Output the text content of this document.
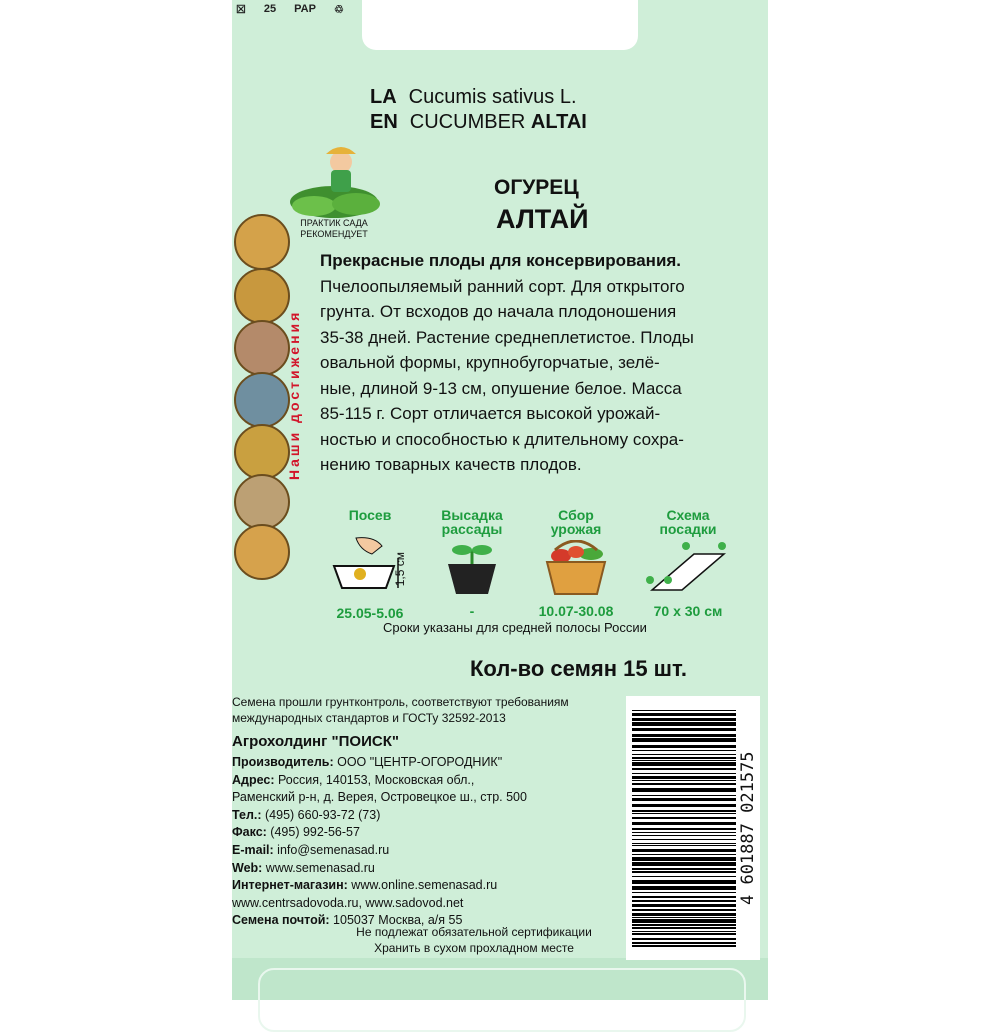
☒ 25 PAP ♲
LA Cucumis sativus L.
EN CUCUMBER ALTAI
ОГУРЕЦ
АЛТАЙ
ПРАКТИК САДА
РЕКОМЕНДУЕТ
Наши достижения
Прекрасные плоды для консервирования.
Пчелоопыляемый ранний сорт. Для открытого
грунта. От всходов до начала плодоношения
35-38 дней. Растение среднеплетистое. Плоды
овальной формы, крупнобугорчатые, зелё-
ные, длиной 9-13 см, опушение белое. Масса
85-115 г. Сорт отличается высокой урожай-
ностью и способностью к длительному сохра-
нению товарных качеств плодов.
Посев
25.05-5.06
1,5 см
Высадка
рассады
-
Сбор
урожая
10.07-30.08
Схема
посадки
70 х 30 см
Сроки указаны для средней полосы России
Кол-во семян 15 шт.
Семена прошли грунтконтроль, соответствуют требованиям
международных стандартов и ГОСТу 32592-2013
Агрохолдинг "ПОИСК"
Производитель: ООО "ЦЕНТР-ОГОРОДНИК"
Адрес: Россия, 140153, Московская обл.,
Раменский р-н, д. Верея, Островецкое ш., стр. 500
Тел.: (495) 660-93-72 (73)
Факс: (495) 992-56-57
E-mail: info@semenasad.ru
Web: www.semenasad.ru
Интернет-магазин: www.online.semenasad.ru
www.centrsadovoda.ru, www.sadovod.net
Семена почтой: 105037 Москва, а/я 55
Не подлежат обязательной сертификации
Хранить в сухом прохладном месте
4 601887 021575
